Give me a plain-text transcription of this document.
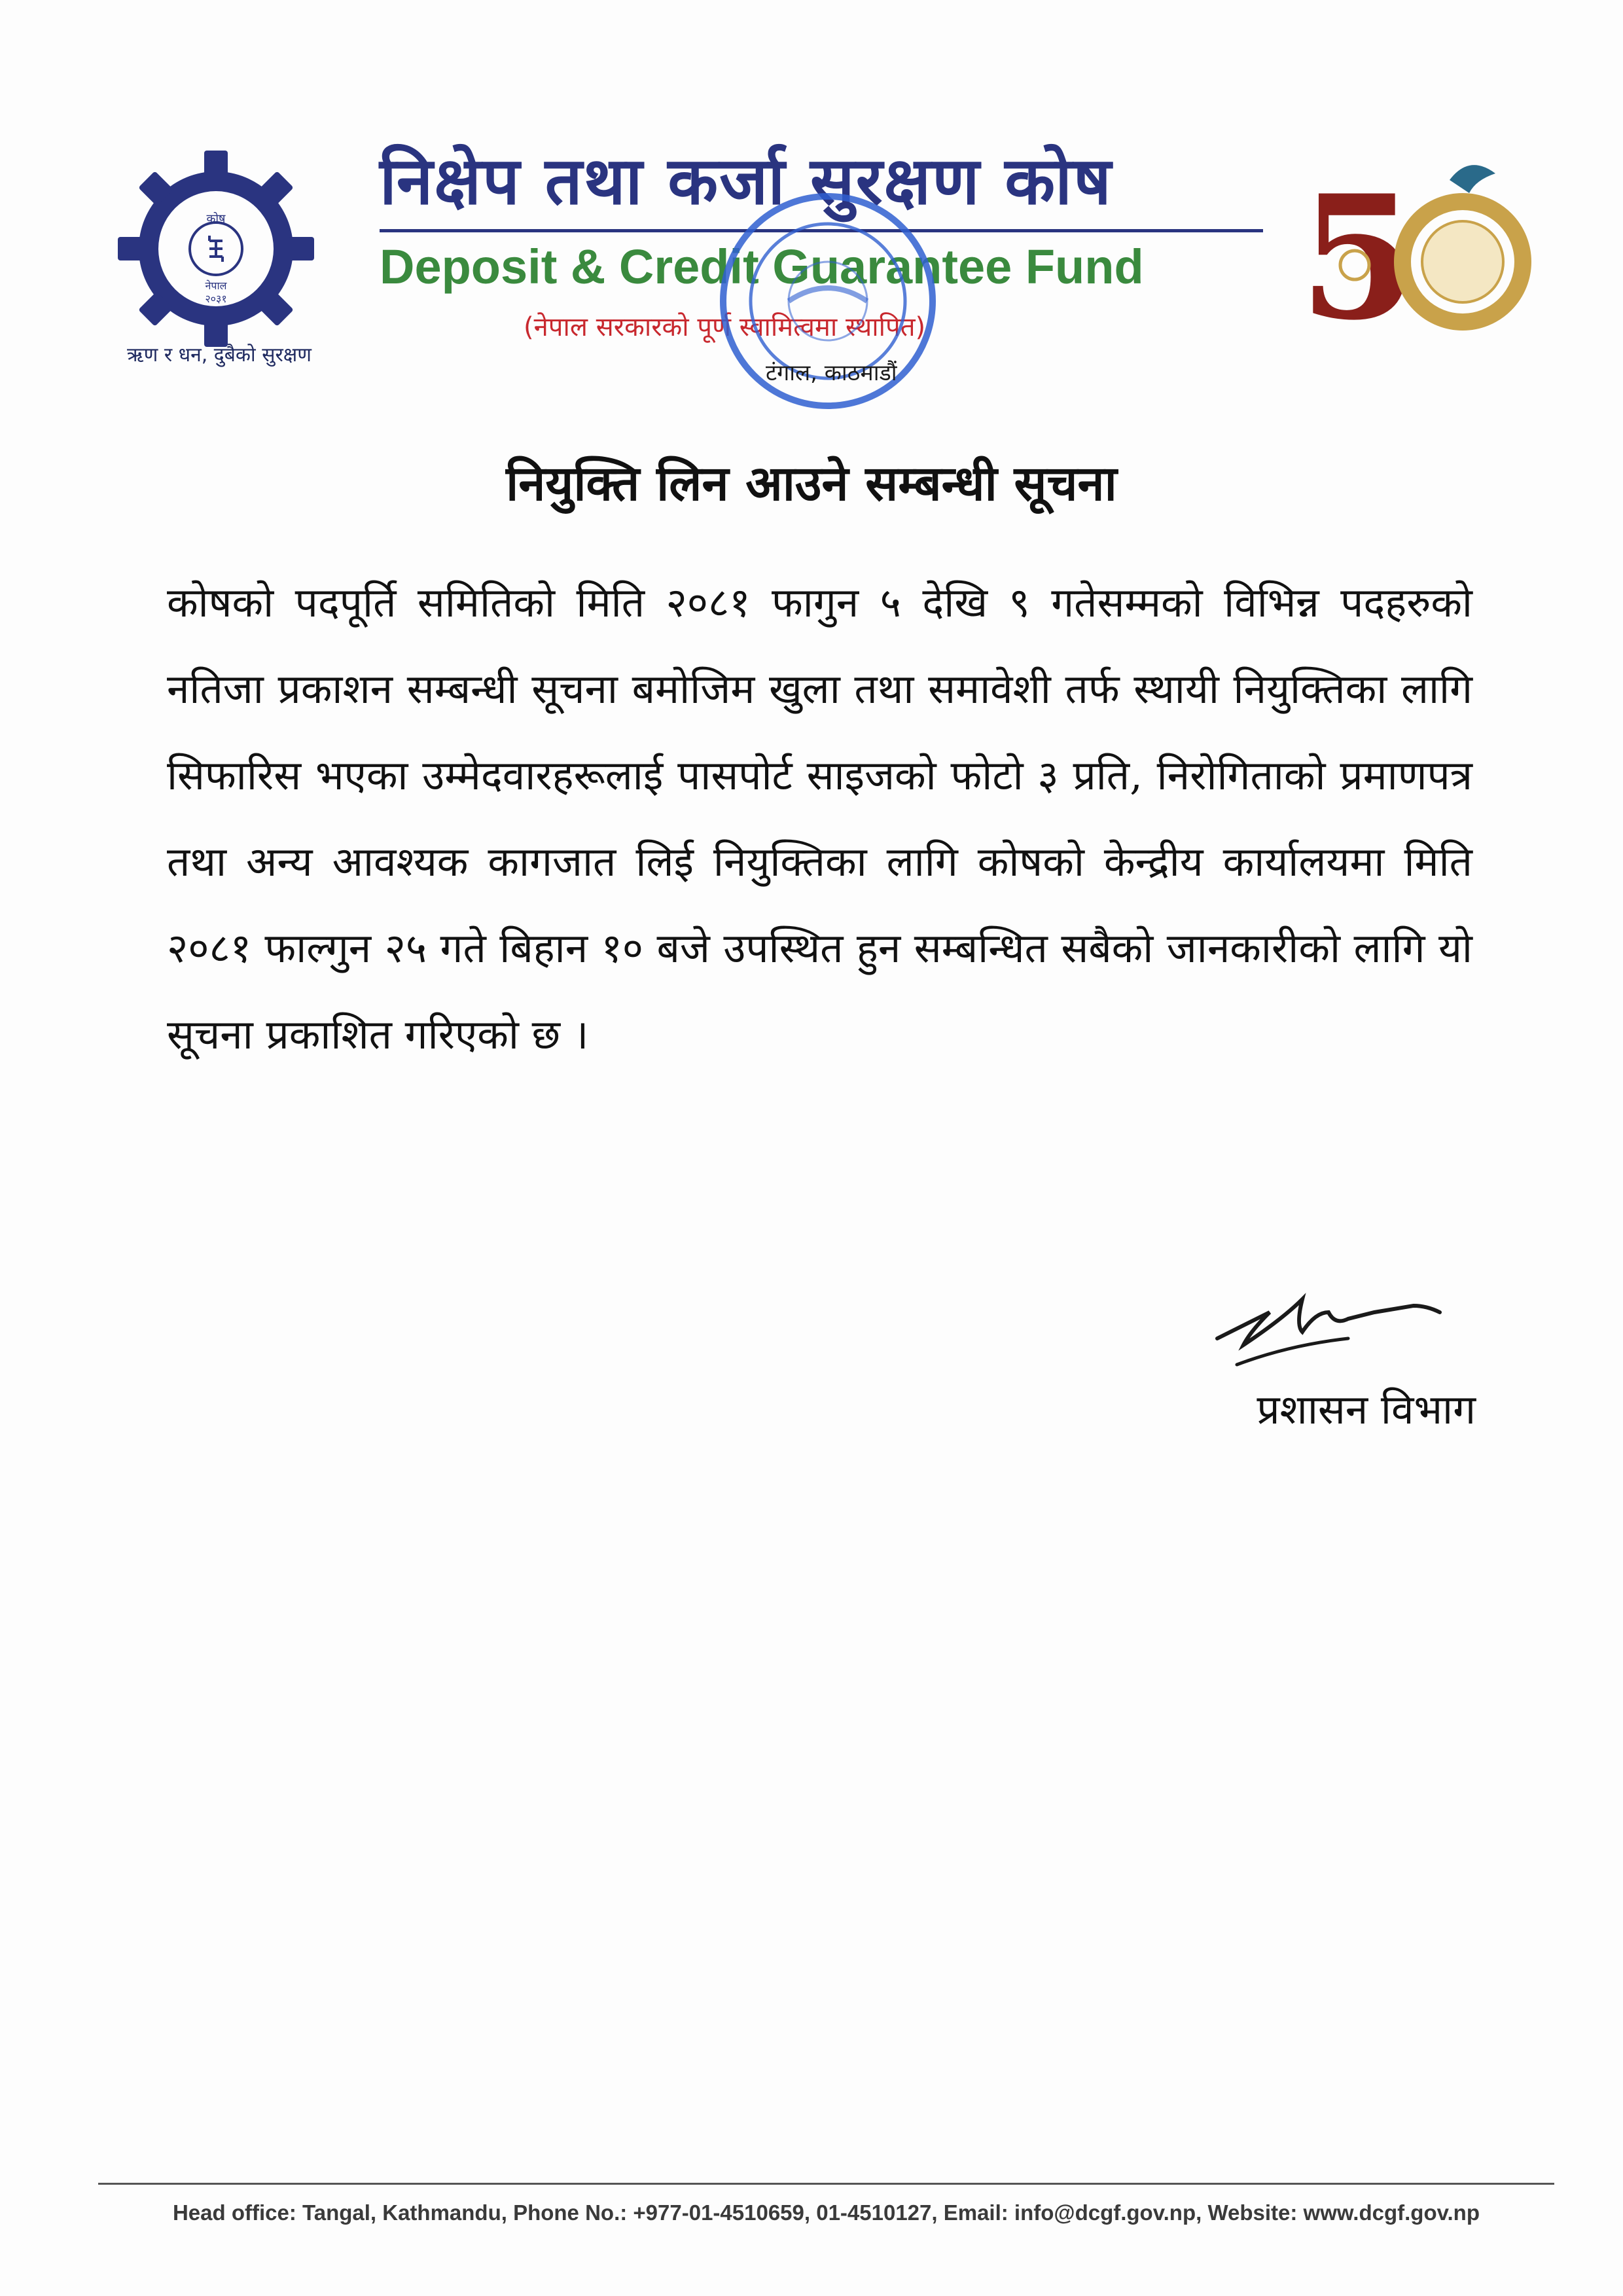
कोष
नेपाल
२०३१
ऋण र धन, दुबैको सुरक्षण
निक्षेप तथा कर्जा सुरक्षण कोष
Deposit & Credit Guarantee Fund
(नेपाल सरकारको पूर्ण स्वामित्वमा स्थापित)
टंगाल, काठमाडौं
5
नियुक्ति लिन आउने सम्बन्धी सूचना
कोषको पदपूर्ति समितिको मिति २०८१ फागुन ५ देखि ९ गतेसम्मको विभिन्न पदहरुको नतिजा प्रकाशन सम्बन्धी सूचना बमोजिम खुला तथा समावेशी तर्फ स्थायी नियुक्तिका लागि सिफारिस भएका उम्मेदवारहरूलाई पासपोर्ट साइजको फोटो ३ प्रति, निरोगिताको प्रमाणपत्र तथा अन्य आवश्यक कागजात लिई नियुक्तिका लागि कोषको केन्द्रीय कार्यालयमा मिति २०८१ फाल्गुन २५ गते बिहान १० बजे उपस्थित हुन सम्बन्धित सबैको जानकारीको लागि यो सूचना प्रकाशित गरिएको छ ।
प्रशासन विभाग
Head office: Tangal, Kathmandu, Phone No.: +977-01-4510659, 01-4510127, Email: info@dcgf.gov.np, Website: www.dcgf.gov.np
